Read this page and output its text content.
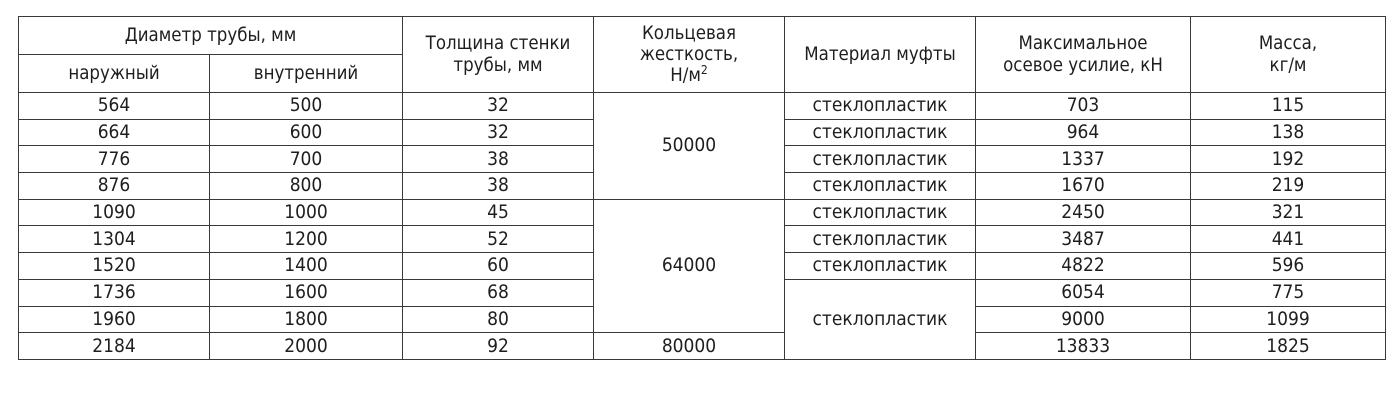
Диаметр трубы, мм		Толщина стенки трубы, мм	Кольцевая
жесткость,
$Н/м^2$	Материал муфты	Максимальное осевое усилие, кН	Масса, кг/м
наружный	внутренний					
564	500	32	50000	стеклопластик	703	115
664	600	32		стеклопластик	964	138
776	700	38		стеклопластик	1337	192
876	800	38		стеклопластик	1670	219
1090	1000	45	64000	стеклопластик	2450	321
1304	1200	52		стеклопластик	3487	441
1520	1400	60		стеклопластик	4822	596
1736	1600	68		стеклопластик	6054	775
1960	1800	80			9000	1099
2184	2000	92	80000		13833	1825
